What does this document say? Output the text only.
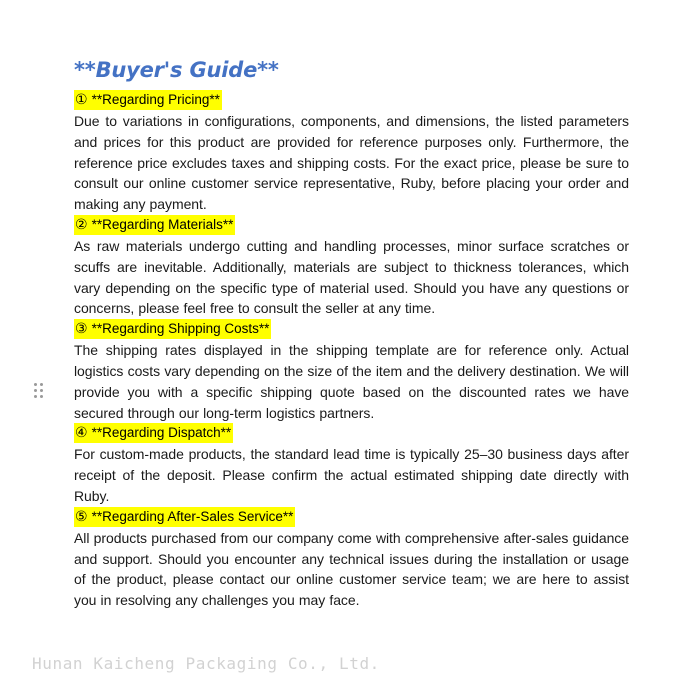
**Buyer's Guide**
① **Regarding Pricing**

Due to variations in configurations, components, and dimensions, the listed parameters and prices for this product are provided for reference purposes only. Furthermore, the reference price excludes taxes and shipping costs. For the exact price, please be sure to consult our online customer service representative, Ruby, before placing your order and making any payment.

② **Regarding Materials**

As raw materials undergo cutting and handling processes, minor surface scratches or scuffs are inevitable. Additionally, materials are subject to thickness tolerances, which vary depending on the specific type of material used. Should you have any questions or concerns, please feel free to consult the seller at any time.

③ **Regarding Shipping Costs**

The shipping rates displayed in the shipping template are for reference only. Actual logistics costs vary depending on the size of the item and the delivery destination. We will provide you with a specific shipping quote based on the discounted rates we have secured through our long-term logistics partners.

④ **Regarding Dispatch**

For custom-made products, the standard lead time is typically 25–30 business days after receipt of the deposit. Please confirm the actual estimated shipping date directly with Ruby.

⑤ **Regarding After-Sales Service**

All products purchased from our company come with comprehensive after-sales guidance and support. Should you encounter any technical issues during the installation or usage of the product, please contact our online customer service team; we are here to assist you in resolving any challenges you may face.

Hunan Kaicheng Packaging Co., Ltd.
